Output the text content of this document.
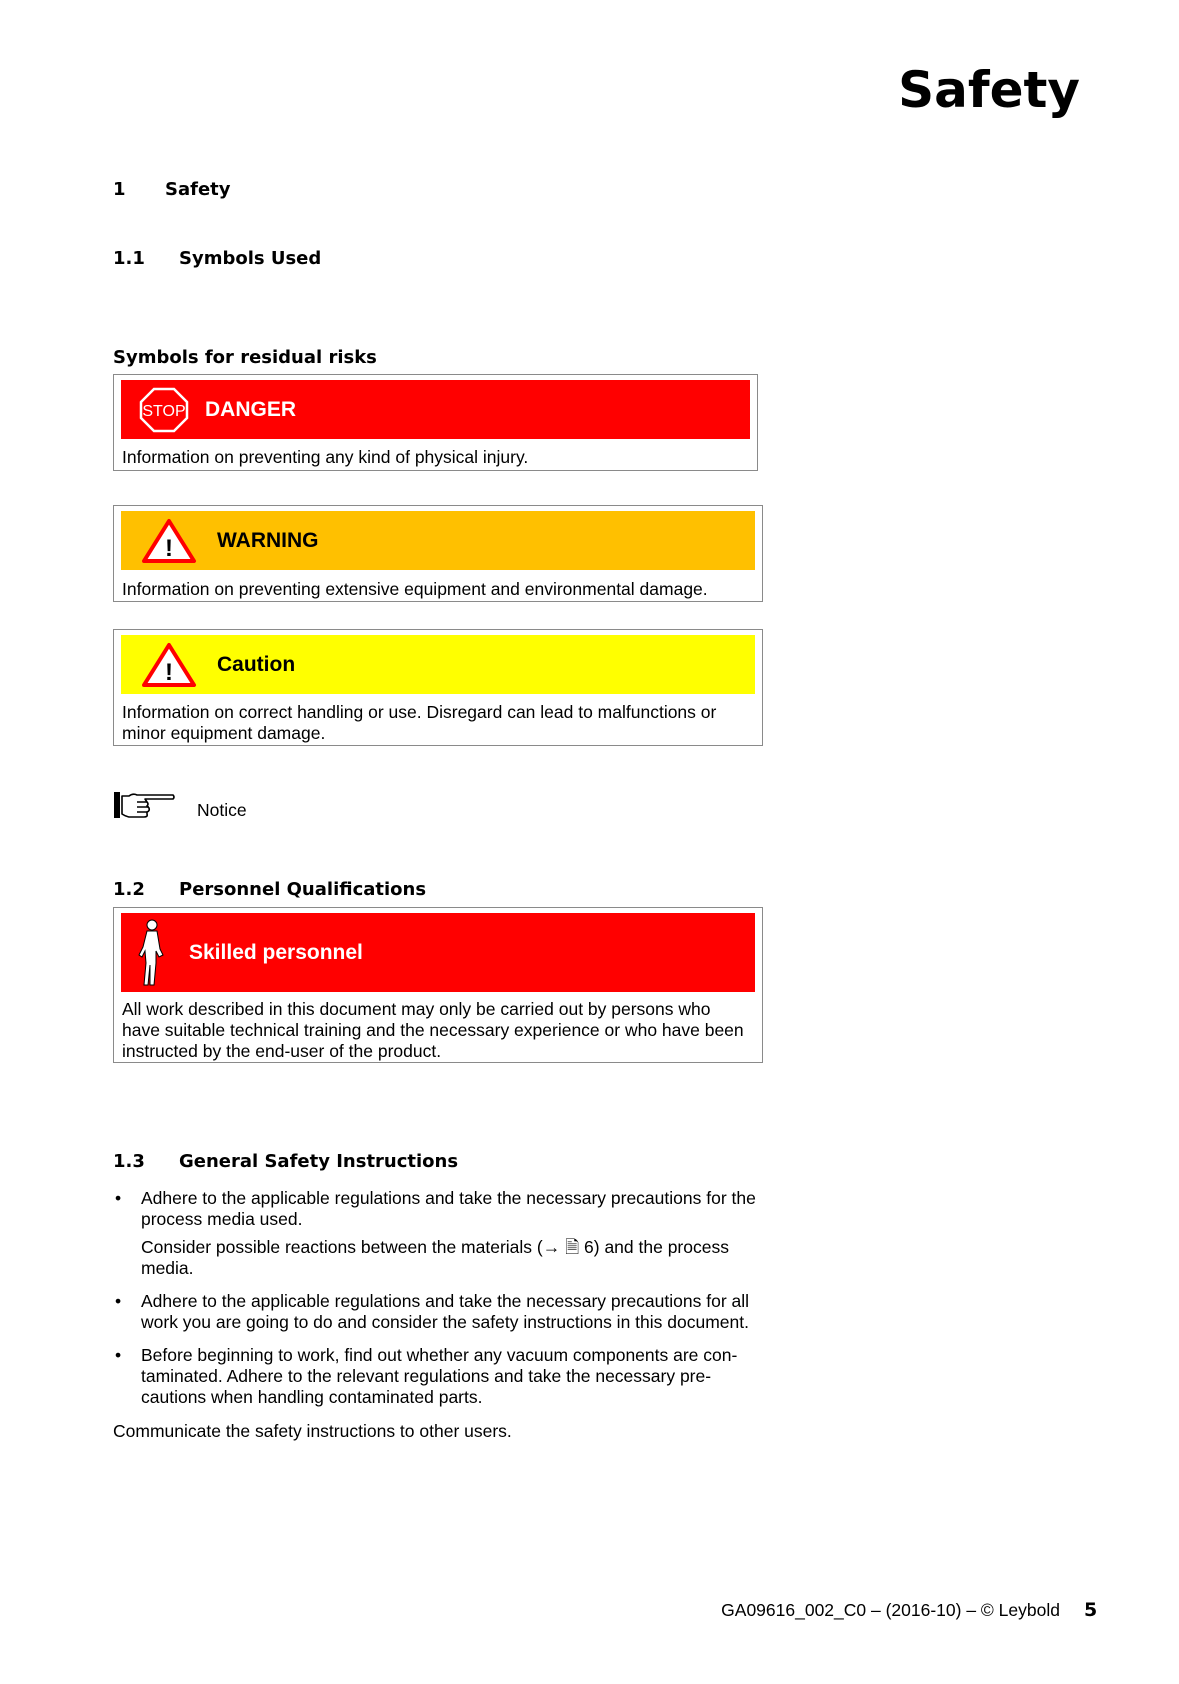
Safety
1 Safety
1.1 Symbols Used
Symbols for residual risks
STOP DANGER
Information on preventing any kind of physical injury.
! WARNING
Information on preventing extensive equipment and environmental damage.
! Caution
Information on correct handling or use. Disregard can lead to malfunctions or
minor equipment damage.
Notice
1.2 Personnel Qualifications
Skilled personnel
All work described in this document may only be carried out by persons who
have suitable technical training and the necessary experience or who have been
instructed by the end-user of the product.
1.3 General Safety Instructions
• Adhere to the applicable regulations and take the necessary precautions for the
process media used.

Consider possible reactions between the materials (→ 🗎 6) and the process
media.

• Adhere to the applicable regulations and take the necessary precautions for all
work you are going to do and consider the safety instructions in this document.

• Before beginning to work, find out whether any vacuum components are con-
taminated. Adhere to the relevant regulations and take the necessary pre-
cautions when handling contaminated parts.

Communicate the safety instructions to other users.
GA09616_002_C0 – (2016-10) – © Leybold 5
